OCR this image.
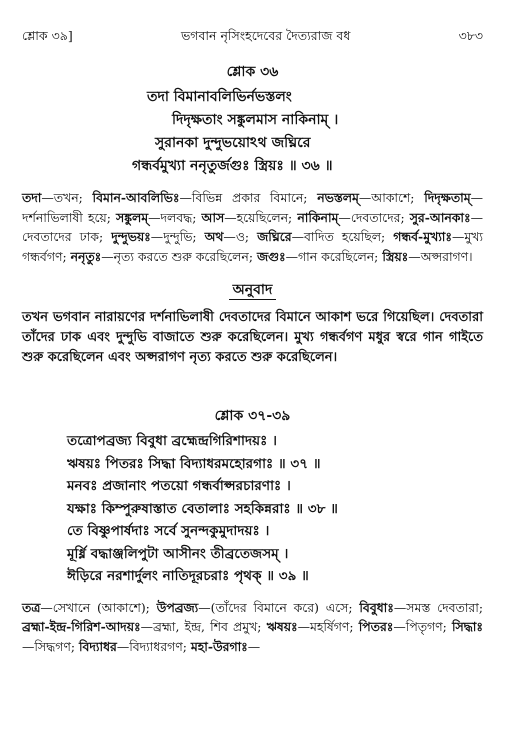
শ্লোক ৩৯]	ভগবান নৃসিংহদেবের দৈত্যরাজ বধ	৩৮৩
শ্লোক ৩৬
তদা বিমানাবলিভির্নভস্তলং
দিদৃক্ষতাং সঙ্কুলমাস নাকিনাম্ ।
সুরানকা দুন্দুভয়োঽথ জঘ্নিরে
গন্ধর্বমুখ্যা ননৃতুর্জগুঃ স্ত্রিয়ঃ ॥ ৩৬ ॥
তদা—তখন; বিমান-আবলিভিঃ—বিভিন্ন প্রকার বিমানে; নভস্তলম্—আকাশে; দিদৃক্ষতাম্—দর্শনাভিলাষী হয়ে; সঙ্কুলম্—দলবদ্ধ; আস—হয়েছিলেন; নাকিনাম্—দেবতাদের; সুর-আনকাঃ—দেবতাদের ঢাক; দুন্দুভয়ঃ—দুন্দুভি; অথ—ও; জঘ্নিরে—বাদিত হয়েছিল; গন্ধর্ব-মুখ্যাঃ—মুখ্য গন্ধর্বগণ; ননৃতুঃ—নৃত্য করতে শুরু করেছিলেন; জগুঃ—গান করেছিলেন; স্ত্রিয়ঃ—অপ্সরাগণ।
অনুবাদ
তখন ভগবান নারায়ণের দর্শনাভিলাষী দেবতাদের বিমানে আকাশ ভরে গিয়েছিল। দেবতারা তাঁদের ঢাক এবং দুন্দুভি বাজাতে শুরু করেছিলেন। মুখ্য গন্ধর্বগণ মধুর স্বরে গান গাইতে শুরু করেছিলেন এবং অপ্সরাগণ নৃত্য করতে শুরু করেছিলেন।
শ্লোক ৩৭-৩৯
তত্রোপব্রজ্য বিবুধা ব্রহ্মেন্দ্রগিরিশাদয়ঃ ।
ঋষয়ঃ পিতরঃ সিদ্ধা বিদ্যাধরমহোরগাঃ ॥ ৩৭ ॥
মনবঃ প্রজানাং পতয়ো গন্ধর্বাপ্সরচারণাঃ ।
যক্ষাঃ কিম্পুরুষাস্তাত বেতালাঃ সহকিন্নরাঃ ॥ ৩৮ ॥
তে বিষ্ণুপার্ষদাঃ সর্বে সুনন্দকুমুদাদয়ঃ ।
মূর্ধ্নি বদ্ধাঞ্জলিপুটা আসীনং তীব্রতেজসম্ ।
ঈড়িরে নরশার্দুলং নাতিদূরচরাঃ পৃথক্ ॥ ৩৯ ॥
তত্র—সেখানে (আকাশে); উপব্রজ্য—(তাঁদের বিমানে করে) এসে; বিবুধাঃ—সমস্ত দেবতারা; ব্রহ্মা-ইন্দ্র-গিরিশ-আদয়ঃ—ব্রহ্মা, ইন্দ্র, শিব প্রমুখ; ঋষয়ঃ—মহর্ষিগণ; পিতরঃ—পিতৃগণ; সিদ্ধাঃ—সিদ্ধগণ; বিদ্যাধর—বিদ্যাধরগণ; মহা-উরগাঃ—
